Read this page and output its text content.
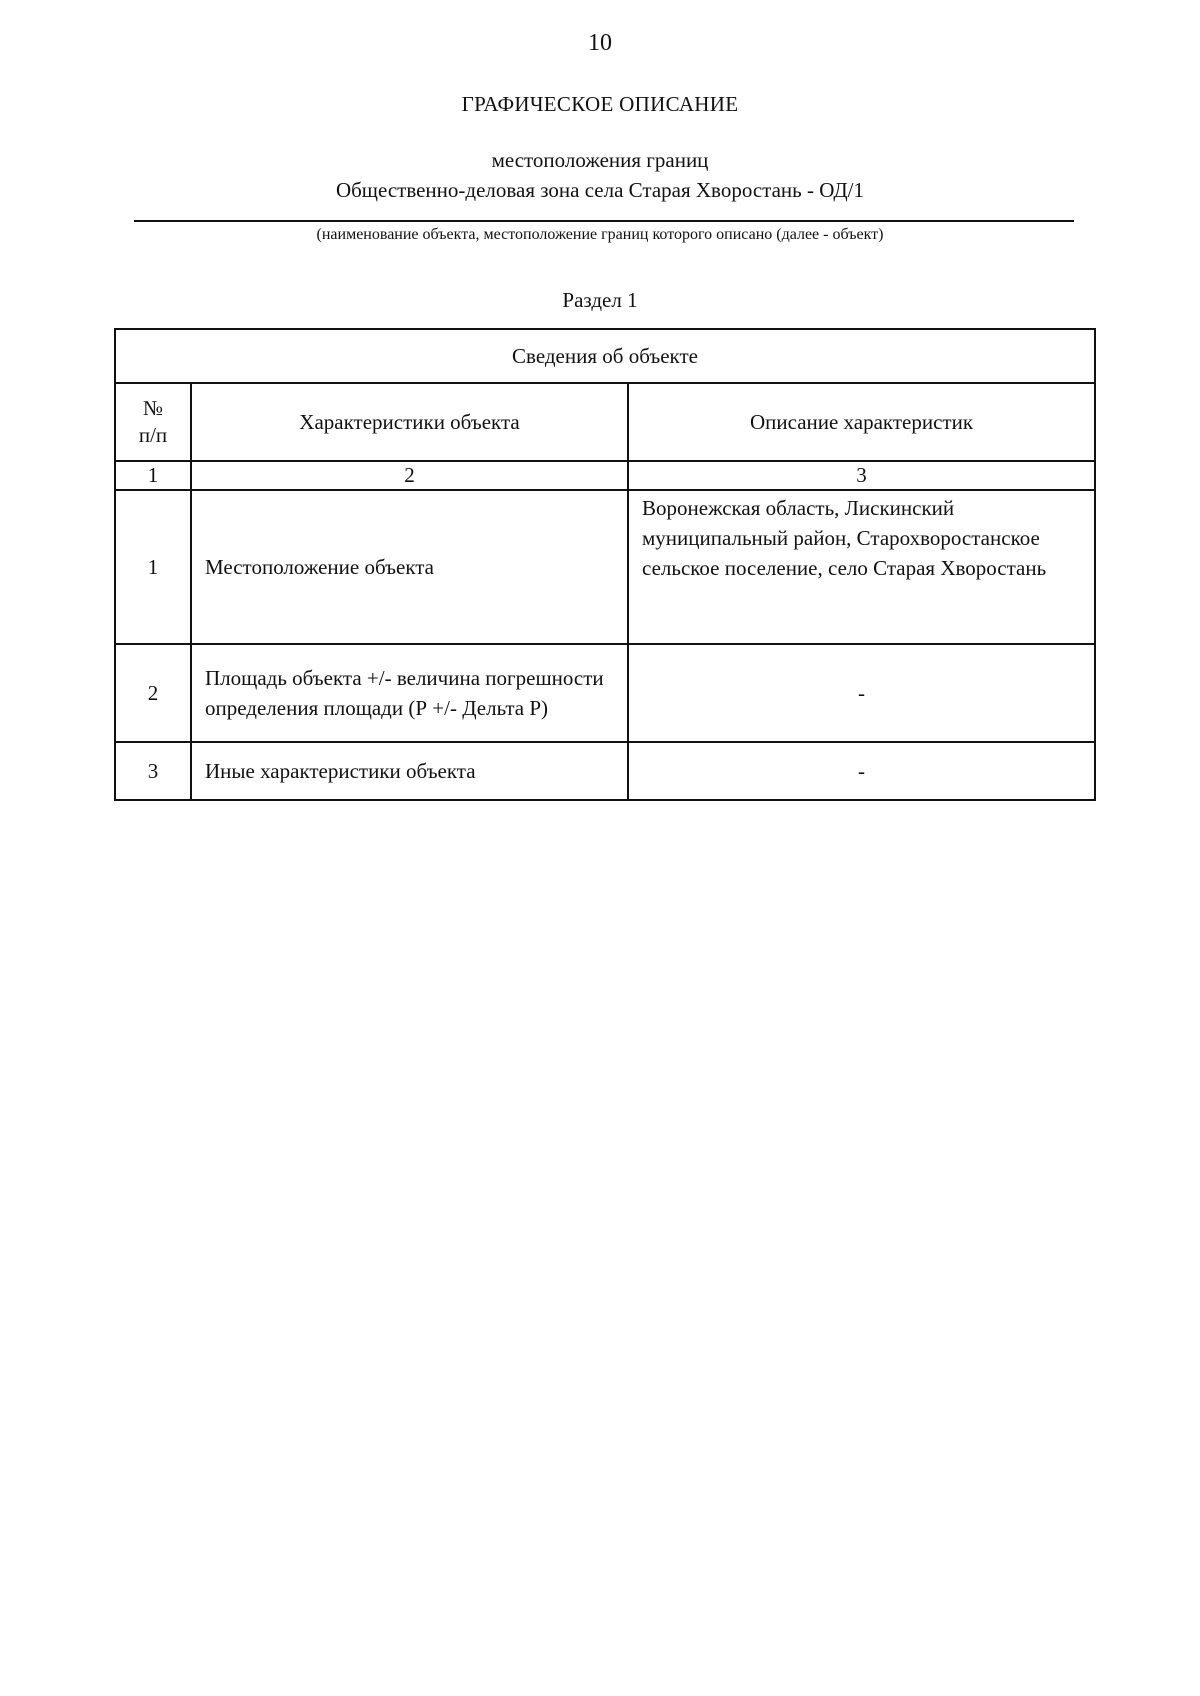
10
ГРАФИЧЕСКОЕ ОПИСАНИЕ
местоположения границ
Общественно-деловая зона села Старая Хворостань - ОД/1
(наименование объекта, местоположение границ которого описано (далее - объект)
Раздел 1
Сведения об объекте		

№
п/п	Характеристики объекта	Описание характеристик
1	2	3
1	Местоположение объекта	Воронежская область, Лискинский муниципальный район, Старохворостанское сельское поселение, село Старая Хворостань
2	Площадь объекта +/- величина погрешности определения площади (Р +/- Дельта Р)	-
3	Иные характеристики объекта	-
